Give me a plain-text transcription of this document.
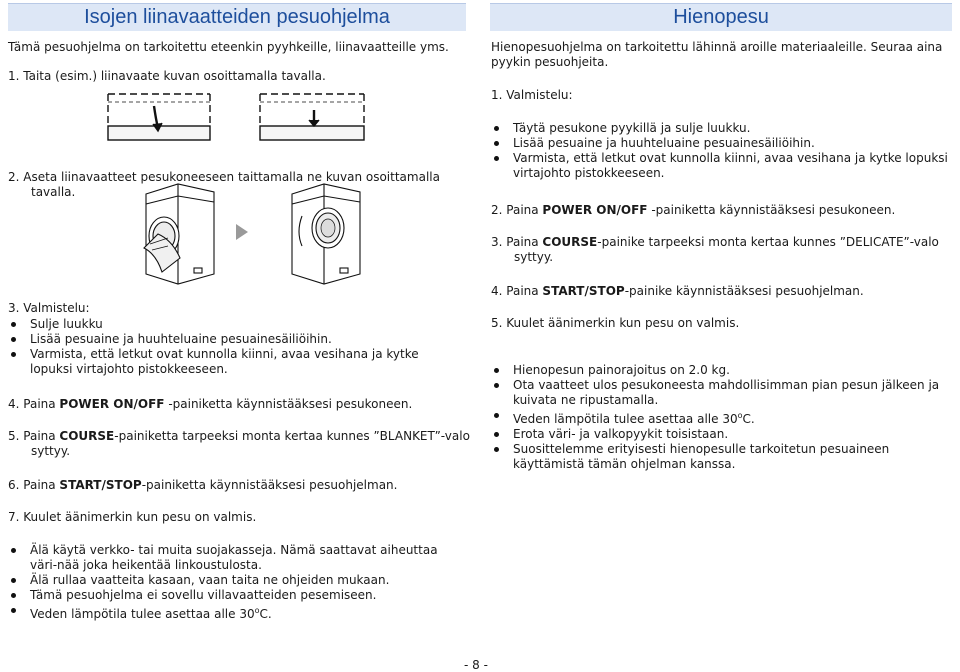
Isojen liinavaatteiden pesuohjelma
Tämä pesuohjelma on tarkoitettu eteenkin pyyhkeille, liinavaatteille yms.
1. Taita (esim.) liinavaate kuvan osoittamalla tavalla.
2. Aseta liinavaatteet pesukoneeseen taittamalla ne kuvan osoittamalla
tavalla.
3. Valmistelu:
Sulje luukku
Lisää pesuaine ja huuhteluaine pesuainesäiliöihin.
Varmista, että letkut ovat kunnolla kiinni, avaa vesihana ja kytke lopuksi virtajohto pistokkeeseen.
4. Paina POWER ON/OFF -painiketta käynnistääksesi pesukoneen.
5. Paina COURSE-painiketta tarpeeksi monta kertaa kunnes ”BLANKET”-valo syttyy.
6. Paina START/STOP-painiketta käynnistääksesi pesuohjelman.
7. Kuulet äänimerkin kun pesu on valmis.
Älä käytä verkko- tai muita suojakasseja. Nämä saattavat aiheuttaa väri-nää joka heikentää linkoustulosta.
Älä rullaa vaatteita kasaan, vaan taita ne ohjeiden mukaan.
Tämä pesuohjelma ei sovellu villavaatteiden pesemiseen.
Veden lämpötila tulee asettaa alle 30$^o$C.
Hienopesu
Hienopesuohjelma on tarkoitettu lähinnä aroille materiaaleille. Seuraa aina pyykin pesuohjeita.
1. Valmistelu:
Täytä pesukone pyykillä ja sulje luukku.
Lisää pesuaine ja huuhteluaine pesuainesäiliöihin.
Varmista, että letkut ovat kunnolla kiinni, avaa vesihana ja kytke lopuksi virtajohto pistokkeeseen.
2. Paina POWER ON/OFF -painiketta käynnistääksesi pesukoneen.
3. Paina COURSE-painike tarpeeksi monta kertaa kunnes ”DELICATE”-valo syttyy.
4. Paina START/STOP-painike käynnistääksesi pesuohjelman.
5. Kuulet äänimerkin kun pesu on valmis.
Hienopesun painorajoitus on 2.0 kg.
Ota vaatteet ulos pesukoneesta mahdollisimman pian pesun jälkeen ja kuivata ne ripustamalla.
Veden lämpötila tulee asettaa alle 30$^o$C.
Erota väri- ja valkopyykit toisistaan.
Suosittelemme erityisesti hienopesulle tarkoitetun pesuaineen käyttämistä tämän ohjelman kanssa.
- 8 -
